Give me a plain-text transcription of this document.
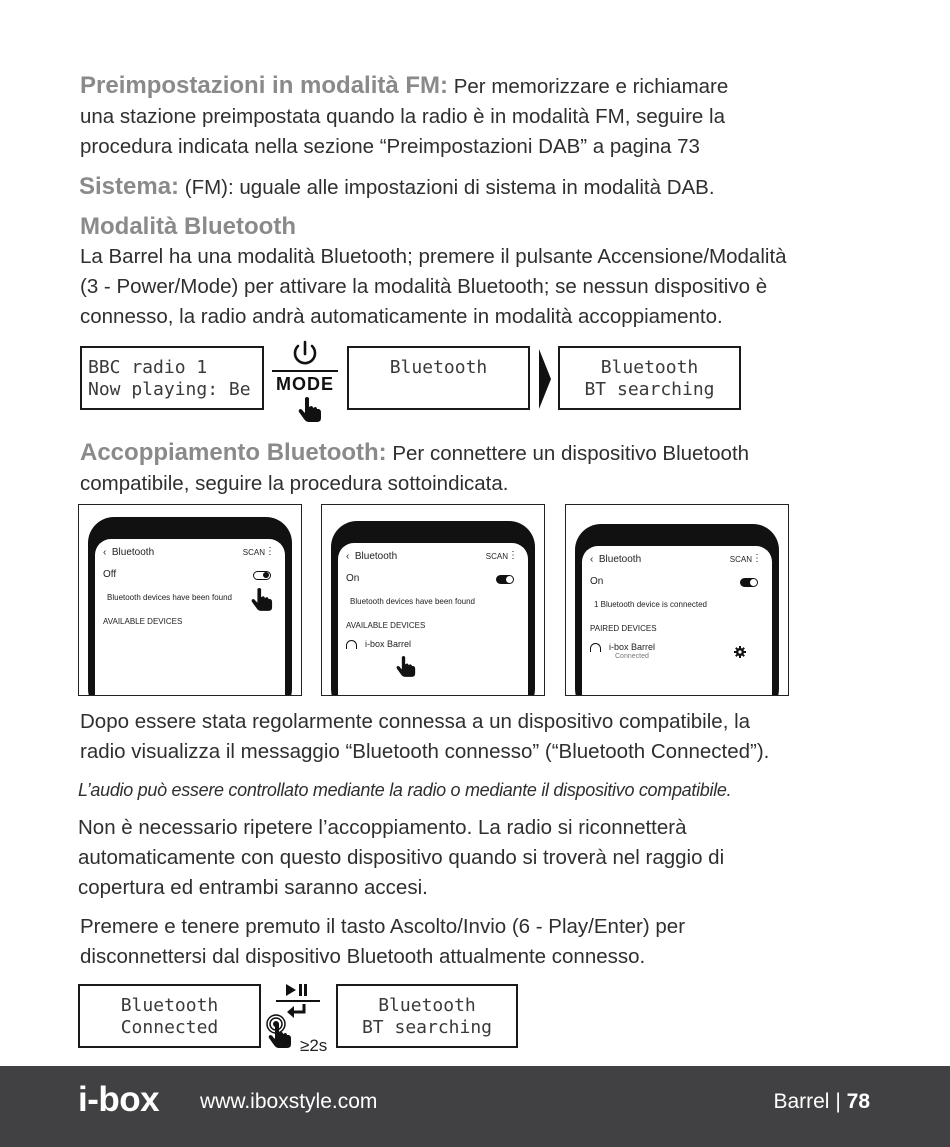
Preimpostazioni in modalità FM: Per memorizzare e richiamare
una stazione preimpostata quando la radio è in modalità FM, seguire la
procedura indicata nella sezione “Preimpostazioni DAB” a pagina 73
Sistema: (FM): uguale alle impostazioni di sistema in modalità DAB.
Modalità Bluetooth
La Barrel ha una modalità Bluetooth; premere il pulsante Accensione/Modalità
(3 - Power/Mode) per attivare la modalità Bluetooth; se nessun dispositivo è
connesso, la radio andrà automaticamente in modalità accoppiamento.
BBC radio 1
Now playing: Be	MODE
Bluetooth	Bluetooth
BT searching
Accoppiamento Bluetooth: Per connettere un dispositivo Bluetooth
compatibile, seguire la procedura sottoindicata.
‹  Bluetooth	SCAN ⋮
Off
Bluetooth devices have been found
AVAILABLE DEVICES
‹  Bluetooth	SCAN ⋮
On
Bluetooth devices have been found
AVAILABLE DEVICES
i-box Barrel
‹  Bluetooth	SCAN ⋮
On
1 Bluetooth device is connected
PAIRED DEVICES
i-box Barrel
Connected
Dopo essere stata regolarmente connessa a un dispositivo compatibile, la
radio visualizza il messaggio “Bluetooth connesso” (“Bluetooth Connected”).
L’audio può essere controllato mediante la radio o mediante il dispositivo compatibile.
Non è necessario ripetere l’accoppiamento. La radio si riconnetterà
automaticamente con questo dispositivo quando si troverà nel raggio di
copertura ed entrambi saranno accesi.
Premere e tenere premuto il tasto Ascolto/Invio (6 - Play/Enter) per
disconnettersi dal dispositivo Bluetooth attualmente connesso.
Bluetooth
Connected
≥2s
Bluetooth
BT searching
i-box www.iboxstyle.com	Barrel | 78
